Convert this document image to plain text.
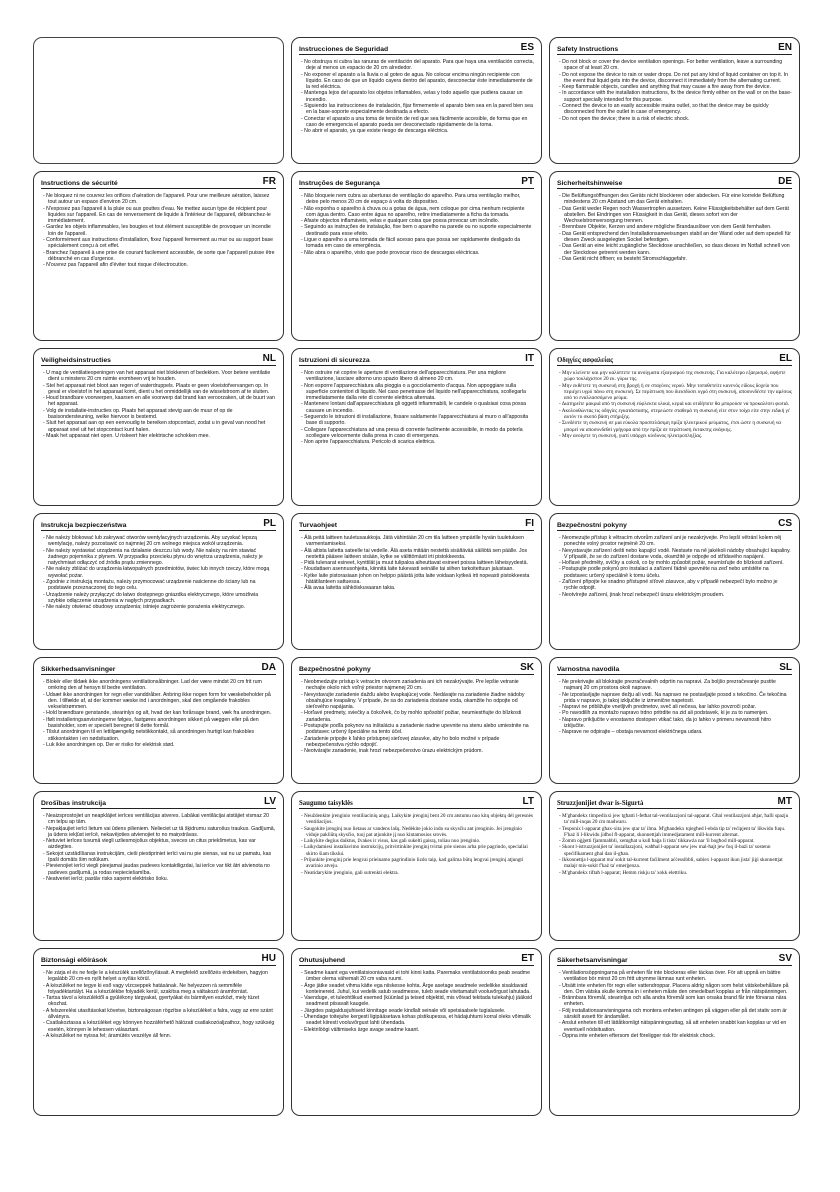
Instrucciones de Seguridad	ES
- No obstruya ni cubra las ranuras de ventilación del aparato. Para que haya una ventilación correcta, deje al menos un espacio de 20 cm alrededor.
- No exponer el aparato a la lluvia o al goteo de agua. No colocar encima ningún recipiente con líquido. En caso de que un líquido cayera dentro del aparato, desconectar éste inmediatamente de la red eléctrica.
- Mantenga lejos del aparato los objetos inflamables, velas y todo aquello que pudiera causar un incendio.
- Siguiendo las instrucciones de instalación, fijar firmemente el aparato bien sea en la pared bien sea en la base-soporte especialmente destinada a efecto.
- Conectar el aparato a una toma de tensión de red que sea fácilmente accesible, de forma que en caso de emergencia el aparato pueda ser desconectado rápidamente de la toma.
- No abrir el aparato, ya que existe riesgo de descarga eléctrica.
Safety Instructions	EN
- Do not block or cover the device ventilation openings. For better ventilation, leave a surrounding space of at least 20 cm.
- Do not expose the device to rain or water drops. Do not put any kind of liquid container on top it. In the event that liquid gets into the device, disconnect it immediately from the alternating current.
- Keep flammable objects, candles and anything that may cause a fire away from the device.
- In accordance with the installation instructions, fix the device firmly either on the wall or on the base-support specially intended for this purpose.
- Connect the device to an easily accessible mains outlet, so that the device may be quickly disconnected from the outlet in case of emergency.
- Do not open the device; there is a risk of electric shock.
Instructions de sécurité	FR
- Ne bloquez ni ne couvrez les orifices d'aération de l'appareil. Pour une meilleure aération, laissez tout autour un espace d'environ 20 cm.
- N'exposez pas l'appareil à la pluie ou aux gouttes d'eau. Ne mettez aucun type de récipient pour liquides sur l'appareil. En cas de renversement de liquide à l'intérieur de l'appareil, débranchez-le immédiatement.
- Gardez les objets inflammables, les bougies et tout élément susceptible de provoquer un incendie loin de l'appareil.
- Conformément aux instructions d'installation, fixez l'appareil fermement au mur ou au support base spécialement conçu à cet effet.
- Branchez l'appareil à une prise de courant facilement accessible, de sorte que l'appareil puisse être débranché en cas d'urgence.
- N'ouvrez pas l'appareil afin d'éviter tout risque d'électrocution.
Instruções de Segurança	PT
- Não bloqueie nem cubra as aberturas de ventilação do aparelho. Para uma ventilação melhor, deixe pelo menos 20 cm de espaço à volta do dispositivo.
- Não exponha o aparelho à chuva ou a gotas de água, nem coloque por cima nenhum recipiente com água dentro. Caso entre água no aparelho, retire imediatamente a ficha da tomada.
- Afaste objectos inflamáveis, velas e qualquer coisa que possa provocar um incêndio.
- Seguindo as instruções de instalação, fixe bem o aparelho na parede ou no suporte especialmente destinado para esse efeito.
- Ligue o aparelho a uma tomada de fácil acesso para que possa ser rapidamente desligado da tomada em caso de emergência.
- Não abra o aparelho, visto que pode provocar risco de descargas eléctricas.
Sicherheitshinweise	DE
- Die Belüftungsöffnungen des Geräts nicht blockieren oder abdecken. Für eine korrekte Belüftung mindestens 20 cm Abstand um das Gerät einhalten.
- Das Gerät weder Regen noch Wassertropfen aussetzen. Keine Flüssigkeitsbehälter auf dem Gerät abstellen. Bei Eindringen von Flüssigkeit in das Gerät, dieses sofort von der Wechselstromversorgung trennen.
- Brennbare Objekte, Kerzen und andere mögliche Brandauslöser von dem Gerät fernhalten.
- Das Gerät entsprechend den Installationsanweisungen stabil an der Wand oder auf dem speziell für diesen Zweck ausgelegten Sockel befestigen.
- Das Gerät an eine leicht zugängliche Steckdose anschließen, so dass dieses im Notfall schnell von der Steckdose getrennt werden kann.
- Das Gerät nicht öffnen; es besteht Stromschlaggefahr.
Veiligheidsinstructies	NL
- U mag de ventilatieopeningen van het apparaat niet blokkeren of bedekken. Voor betere ventilatie dient u minstens 20 cm ruimte eromheen vrij te houden.
- Stel het apparaat niet bloot aan regen of waterdruppels. Plaats er geen vloeistofvervangen op. In geval er vloeistof in het apparaat komt, dient u het onmiddellijk van de wisselstroom af te sluiten.
- Houd brandbare voorwerpen, kaarsen en alle voorwerp dat brand kan veroorzaken, uit de buurt van het apparaat.
- Volg de installatie-instructies op. Plaats het apparaat stevig aan de muur of op de basisondersteuning, welke hiervoor is bestemd.
- Sluit het apparaat aan op een eenvoudig te bereiken stopcontact, zodat u in geval van nood het apparaat snel uit het stopcontact kunt halen.
- Maak het apparaat niet open. U riskeert hier elektrische schokken mee.
Istruzioni di sicurezza	IT
- Non ostruire né coprire le aperture di ventilazione dell'apparecchiatura. Per una migliore ventilazione, lasciare attorno uno spazio libero di almeno 20 cm.
- Non esporre l'apparecchiatura alla pioggia o a gocciolamento d'acqua. Non appoggiare sulla superficie contenitori di liquido. Nel caso penetrasse del liquido nell'apparecchiatura, scollegarla immediatamente dalla rete di corrente elettrica alternata.
- Mantenere lontani dall'apparecchiatura gli oggetti infiammabili, le candele o qualsiasi cosa possa causare un incendio.
- Seguendo le istruzioni di installazione, fissare saldamente l'apparecchiatura al muro o all'apposita base di supporto.
- Collegare l'apparecchiatura ad una presa di corrente facilmente accessibile, in modo da poterla scollegare velocemente dalla presa in caso di emergenza.
- Non aprire l'apparecchiatura. Pericolo di scarica elettrica.
Οδηγίες ασφαλείας	EL
- Μην κλείνετε και μην καλύπτετε τα ανοίγματα εξαερισμού της συσκευής. Για καλύτερο εξαερισμό, αφήστε χώρο τουλάχιστον 20 εκ. γύρω της.
- Μην εκθέτετε τη συσκευή στη βροχή ή σε σταγόνες νερού. Μην τοποθετείτε κανενός είδους δοχείο που περιέχει υγρό πάνω στη συσκευή. Σε περίπτωση που διεισδύσει υγρό στη συσκευή, αποσυνδέστε την αμέσως από το εναλλασσόμενο ρεύμα.
- Διατηρείτε μακριά από τη συσκευή εύφλεκτα υλικά, κεριά και οτιδήποτε θα μπορούσε να προκαλέσει φωτιά.
- Ακολουθώντας τις οδηγίες εγκατάστασης, στερεώστε σταθερά τη συσκευή είτε στον τοίχο είτε στην ειδική γι' αυτόν το σκοπό βάση στήριξης.
- Συνδέστε τη συσκευή σε μια εύκολα προσπελάσιμη πρίζα ηλεκτρικού ρεύματος, έτσι ώστε η συσκευή να μπορεί να αποσυνδεθεί γρήγορα από την πρίζα σε περίπτωση έκτακτης ανάγκης.
- Μην ανοίγετε τη συσκευή, γιατί υπάρχει κίνδυνος ηλεκτροπληξίας.
Instrukcja bezpieczeństwa	PL
- Nie należy blokować lub zakrywać otworów wentylacyjnych urządzenia. Aby uzyskać lepszą wentylację, należy pozostawić co najmniej 20 cm wolnego miejsca wokół urządzenia.
- Nie należy wystawiać urządzenia na działanie deszczu lub wody. Nie należy na nim stawiać żadnego pojemnika z płynem. W przypadku przecieku płynu do wnętrza urządzenia, należy je natychmiast odłączyć od źródła prądu zmiennego.
- Nie należy zbliżać do urządzenia łatwopalnych przedmiotów, świec lub innych rzeczy, które mogą wywołać pożar.
- Zgodnie z instrukcją montażu, należy przymocować urządzenie naścienne do ściany lub na podstawie przeznaczonej do tego celu.
- Urządzenie należy przyłączyć do łatwo dostępnego gniazdka elektrycznego, które umożliwia szybkie odłączenie urządzenia w nagłych przypadkach.
- Nie należy otwierać obudowy urządzenia; istnieje zagrożenie porażenia elektrycznego.
Turvaohjeet	FI
- Älä peitä laitteen tuuletusaukkoja. Jätä vähintään 20 cm tila laitteen ympärille hyvän tuuletuksen varmentamiseksi.
- Älä altista laitetta sateelle tai vedelle. Älä aseta mitään nestettä sisältävää säiliötä sen päälle. Jos nestettä pääsee laitteen sisään, kytke se välittömästi irti pistokkeesta.
- Pidä tulenarat esineet, kynttilät ja muut tulipaloa aiheuttavat esineet poissa laitteen läheisyydestä.
- Noudattaen asennusohjeita, kiinnitä laite tukevasti seinälle tai siihen tarkoitettuun jalustaan.
- Kytke laite pistorasiaan johon on helppo päästä jotta laite voidaan kytkeä irti nopeasti pistokkeesta hätätilanteen sattuessa.
- Älä avaa laitetta sähköiskuvaaran takia.
Bezpečnostní pokyny	CS
- Neomezujte přístup k větracím otvorům zařízení ani je nezakrývejte. Pro lepší větrání kolem něj ponechte volný prostor nejméně 20 cm.
- Nevystavujte zařízení dešti nebo kapající vodě. Nestavte na ně jakékoli nádoby obsahující kapaliny. V případě, že se do zařízení dostane voda, okamžitě je odpojte od střídavého napájení.
- Hořlavé předměty, svíčky a cokoli, co by mohlo způsobit požár, neumísťujte do blízkosti zařízení.
- Postupujte podle pokynů pro instalaci a zařízení řádně upevněte na zeď nebo umístěte na podstavec určený speciálně k tomu účelu.
- Zařízení připojte ke snadno přístupné síťové zásuvce, aby v případě nebezpečí bylo možno je rychle odpojit.
- Neotvírejte zařízení, jinak hrozí nebezpečí úrazu elektrickým proudem.
Sikkerhedsanvisninger	DA
- Blokér eller tildæk ikke anordningens ventilationsåbninger. Lad der være mindst 20 cm frit rum omkring den af hensyn til bedre ventilation.
- Udsæt ikke anordningen for regn eller vanddråber. Anbring ikke nogen form for væskebeholder på den. I tilfælde af, at der kommer væske ind i anordningen, skal den omgående frakobles vekselstrømmen.
- Hold brændbare genstande, stearinlys og alt, hvad der kan forårsage brand, væk fra anordningen.
- Ifølt installeringsanvisningerne følges, fastgøres anordningen sikkert på væggen eller på den basisholder, som er specielt beregnet til dette formål.
- Tilslut anordningen til en lettilgængelig netstikkontakt, så anordningen hurtigt kan frakobles stikkontakten i en nødsituation.
- Luk ikke anordningen op. Der er risiko for elektrisk stød.
Bezpečnostné pokyny	SK
- Neobmedzujte prístup k vetracím otvorom zariadenia ani ich nezakrývajte. Pre lepšie vetranie nechajte okolo nich voľný priestor najmenej 20 cm.
- Nevystavujte zariadenie dažďu alebo kvapkajúcej vode. Nedávajte na zariadenie žiadne nádoby obsahujúce kvapaliny. V prípade, že sa do zariadenia dostane voda, okamžite ho odpojte od sieťového napájania.
- Horľavé predmety, sviečky a čokoľvek, čo by mohlo spôsobiť požiar, neumiestňujte do blízkosti zariadenia.
- Postupujte podľa pokynov na inštaláciu a zariadenie riadne upevnite na stenu alebo umiestnite na podstavec určený špeciálne na tento účel.
- Zariadenie pripojte k ľahko prístupnej sieťovej zásuvke, aby ho bolo možné v prípade nebezpečenstva rýchlo odpojiť.
- Neotvárajte zariadenie, inak hrozí nebezpečenstvo úrazu elektrickým prúdom.
Varnostna navodila	SL
- Ne prekrivajte ali blokirajte prezračevalnih odprtin na napravi. Za boljšo prezračevanje pustite najmanj 20 cm prostora okoli naprave.
- Ne izpostavljajte naprave dežju ali vodi. Na napravo ne postavljajte posod s tekočino. Če tekočina prida v napravo, jo takoj izključite iz izmenične napetosti.
- Napravi ne približujte vnetljivih predmetov, sveč ali nečesa, kar lahko povzroči požar.
- Po navodilih za montažo napravo trdno pritrdite na zid ali podstavek, ki je za to namenjen.
- Napravo priključite v enostavno dostopen vtikač tako, da jo lahko v primeru nevarnosti hitro izključite.
- Naprave ne odpirajte – obstaja nevarnost električnega udara.
Drošības instrukcija	LV
- Neaizsprostojiet un neapklājiet ierīces ventilācijas atveres. Labākai ventilācijai atstājiet vismaz 20 cm telpu ap tām.
- Nepakļaujiet ierīci lietum vai ūdens pilieniem. Nelieciet uz tā šķidrumu saturošus traukus. Gadījumā, ja ūdens iekļūst ierīcē, nekavējoties atvienojiet to no maiņstrāvas.
- Netuviet ierīces tuvumā viegli uzliesmojošus objektus, sveces un citus priekšmetus, kas var aizdegties.
- Sekojot uzstādīšanas instrukcijām, cieši piestipriniet ierīci vai nu pie sienas, vai nu uz pamatu, kas īpaši domāts šim nolūkam.
- Pievienojiet ierīci viegli pieejamai jaudas padeves kontaktligzdai, lai ierīce var tikt ātri atvienota no padeves gadījumā, ja rodas nepieciešamība.
- Neatveriet ierīci; pastāv risks saņemt elektrisko šoku.
Saugumo taisyklės	LT
- Neuždenkite įrenginio ventiliacinių angų. Laikykite įrenginį bent 20 cm atstumu nuo kitų objektų dėl geresnės ventiliacijos.
- Saugokite įrenginį nuo lietaus ar vandens lašų. Nedėkite jokio indo su skysčiu ant įrenginio. Jei įrenginio viduje pakliūtų skysčio, tuoj pat atjunkite jį nuo kintamosios srovės.
- Laikykite degius daiktus, žvakes ir visus, kas gali sukelti gaisrą, toliau nuo įrenginio.
- Laikydamiesi instaliavimo instrukcijų, pritvirtinkite įrenginį tvirtai prie sienos arba prie pagrindo, specialiai skirto šiam tikslui.
- Prijunkite įrenginį prie lengvai prieinamo pagrindinio lizdo taip, kad galima būtų lengvai įrenginį atjungti avarinio atveju.
- Neatidarykite įrenginio, gali sutrenkti elektra.
Struzzjonijiet dwar is-Sigurtà	MT
- M'għandekx timpedixxi jew tgħatti l-fetħat tal-ventilazzjoni tal-apparat. Għal ventilazzjoni aħjar, ħalli spazju ta' mill-inqas 20 cm madwaru.
- Tesponix l-apparat għax-xita jew qtar ta' ilma. M'għandekx tqiegħed l-ebda tip ta' reċipjent ta' likwidu fuqu. F'każ li l-likwidu jidħol fl-apparat, skonnettjah immedjatament mill-kurrent alternat.
- Żomm oġġetti fjammabbli, xemgħat u kull ħaġa li tista' tikkawża nar 'il bogħod mill-apparat.
- Skont l-istruzzjonijiet ta' installazzjoni, waħħal l-apparat sew jew mal-ħajt jew fuq il-bażi ta' sostenn speċifikament għal dan il-għan.
- Ikkonnettja l-apparat ma' sokit tal-kurrent faċilment aċċessibbli, sabiex l-apparat ikun jista' jiġi skonnettjat malajr mis-sokit f'każ ta' emerġenza.
- M'għandekx tiftaħ l-apparat; Hemm riskju ta' xokk elettriku.
Biztonsági előírások	HU
- Ne zárja el és ne fedje le a készülék szellőzőnyílásait. A megfelelő szellőzés érdekében, hagyjon legalább 20 cm-es nyílt helyet a nyílás körül.
- A készüléket ne tegye ki eső vagy vízcseppek hatásának. Ne helyezzen rá semmiféle folyadéktartályt. Ha a készülékbe folyadék kerül, szakítsa meg a váltakozó áramforrást.
- Tartsa távol a készüléktől a gyúlékony tárgyakat, gyertyákat és bármilyen eszközt, mely tüzet okozhat.
- A felszerelési utasításokat követve, biztonságosan rögzítse a készüléket a falra, vagy az erre szánt állványra.
- Csatlakoztassa a készüléket egy könnyen hozzáférhető hálózati csatlakozóaljzathoz, hogy szükség esetén, könnyen le lehessen választani.
- A készüléket ne nyissa fel; áramütés veszélye áll fenn.
Ohutusjuhend	ET
- Seadme kaant ega ventilatsiooniavasid ei tohi kinni katta. Paremaks ventilatsiooniks peab seadme ümber olema vähemalt 20 cm vaba ruumi.
- Ärge jätke seadet vihma kätte ega niiskesse kohta. Ärge asetage seadmele vedelikke sisaldavaid konteinereid. Juhul, kui vedelik satub seadmesse, tuleb seade viivitamatult vooluvõrgust lahutada.
- Vaenduge, et tuleohtlikud esemed (küünlad ja teised objektid, mis võivad tekitada tulekahju) jääksid seadmest piisavalt kaugele.
- Järgides paigaldusjuhiseid kinnitage seade kindlalt seinale või spetsiaalsele tugialusele.
- Ühendage toitejuhe kergesti ligipääsetava kohas pistikupessa, et hädajuhtumi korral oleks võimalik seadet kiiresti vooluvõrgust lahti ühendada.
- Elektrilöögi vältimiseks ärge avage seadme kaant.
Säkerhetsanvisningar	SV
- Ventilationsöppningarna på enheten får inte blockeras eller täckas över. För att uppnå en bättre ventilation bör minst 20 cm fritt utrymme lämnas runt enheten.
- Utsätt inte enheten för regn eller vattendroppar. Placera aldrig någon som helst vätskebehållare på den. Om vätska skulle komma in i enheten måste den omedelbart kopplas ur från nätspänningen.
- Brännbara föremål, stearinljus och alla andra föremål som kan orsaka brand får inte förvaras nära enheten.
- Följ installationsanvisningarna och montera enheten antingen på väggen eller på det stativ som är särskilt avsett för ändamålet.
- Anslut enheten till ett lättåtkomligt nätspänningsuttag, så att enheten snabbt kan kopplas ur vid en eventuell nödsituation.
- Öppna inte enheten eftersom det föreligger risk för elektrisk chock.
